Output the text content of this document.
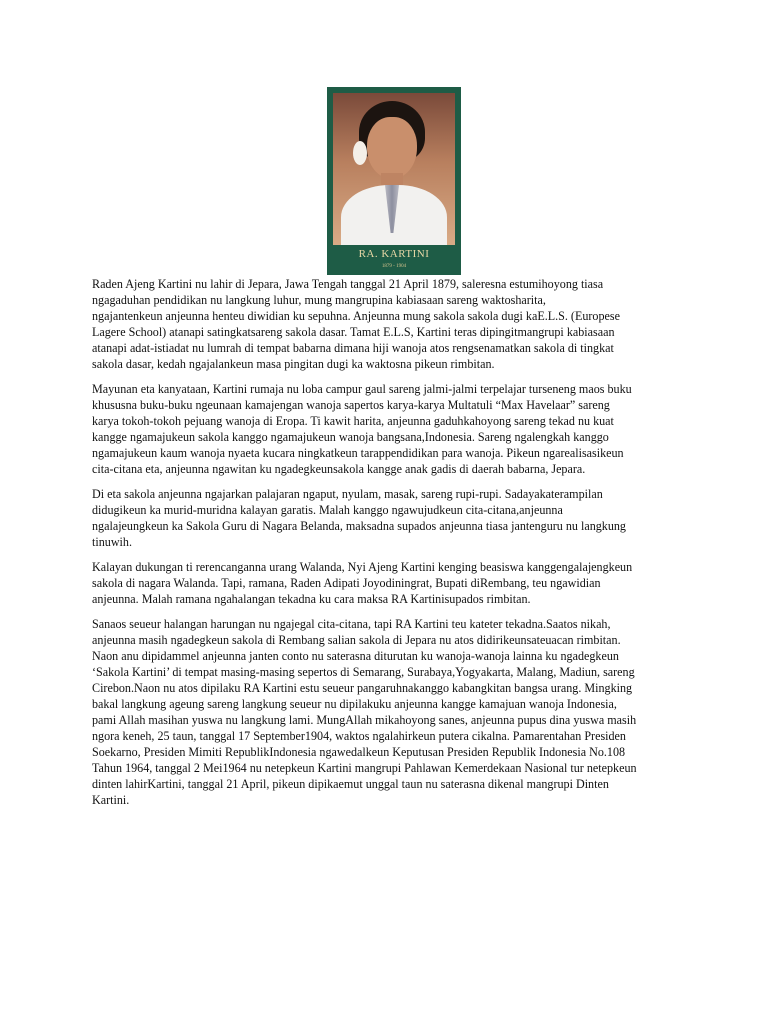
RA. KARTINI
1879 - 1904

Raden Ajeng Kartini nu lahir di Jepara, Jawa Tengah tanggal 21 April 1879, saleresna estumihoyong tiasa
ngagaduhan pendidikan nu langkung luhur, mung mangrupina kabiasaan sareng waktosharita,
ngajantenkeun anjeunna henteu diwidian ku sepuhna. Anjeunna mung sakola sakola dugi kaE.L.S. (Europese
Lagere School) atanapi satingkatsareng sakola dasar. Tamat E.L.S, Kartini teras dipingitmangrupi kabiasaan
atanapi adat-istiadat nu lumrah di tempat babarna dimana hiji wanoja atos rengsenamatkan sakola di tingkat
sakola dasar, kedah ngajalankeun masa pingitan dugi ka waktosna pikeun rimbitan.

Mayunan eta kanyataan, Kartini rumaja nu loba campur gaul sareng jalmi-jalmi terpelajar turseneng maos buku
khususna buku-buku ngeunaan kamajengan wanoja sapertos karya-karya Multatuli “Max Havelaar” sareng
karya tokoh-tokoh pejuang wanoja di Eropa. Ti kawit harita, anjeunna gaduhkahoyong sareng tekad nu kuat
kangge ngamajukeun sakola kanggo ngamajukeun wanoja bangsana,Indonesia. Sareng ngalengkah kanggo
ngamajukeun kaum wanoja nyaeta kucara ningkatkeun tarappendidikan para wanoja. Pikeun ngarealisasikeun
cita-citana eta, anjeunna ngawitan ku ngadegkeunsakola kangge anak gadis di daerah babarna, Jepara.

Di eta sakola anjeunna ngajarkan palajaran ngaput, nyulam, masak, sareng rupi-rupi. Sadayakaterampilan
didugikeun ka murid-muridna kalayan garatis. Malah kanggo ngawujudkeun cita-citana,anjeunna
ngalajeungkeun ka Sakola Guru di Nagara Belanda, maksadna supados anjeunna tiasa jantenguru nu langkung
tinuwih.

Kalayan dukungan ti rerencanganna urang Walanda, Nyi Ajeng Kartini kenging beasiswa kanggengalajengkeun
sakola di nagara Walanda. Tapi, ramana, Raden Adipati Joyodiningrat, Bupati diRembang, teu ngawidian
anjeunna. Malah ramana ngahalangan tekadna ku cara maksa RA Kartinisupados rimbitan.

Sanaos seueur halangan harungan nu ngajegal cita-citana, tapi RA Kartini teu kateter tekadna.Saatos nikah,
anjeunna masih ngadegkeun sakola di Rembang salian sakola di Jepara nu atos didirikeunsateuacan rimbitan.
Naon anu dipidammel anjeunna janten conto nu saterasna diturutan ku wanoja-wanoja lainna ku ngadegkeun
‘Sakola Kartini’ di tempat masing-masing sepertos di Semarang, Surabaya,Yogyakarta, Malang, Madiun, sareng
Cirebon.Naon nu atos dipilaku RA Kartini estu seueur pangaruhnakanggo kabangkitan bangsa urang. Mingking
bakal langkung ageung sareng langkung seueur nu dipilakuku anjeunna kangge kamajuan wanoja Indonesia,
pami Allah masihan yuswa nu langkung lami. MungAllah mikahoyong sanes, anjeunna pupus dina yuswa masih
ngora keneh, 25 taun, tanggal 17 September1904, waktos ngalahirkeun putera cikalna. Pamarentahan Presiden
Soekarno, Presiden Mimiti RepublikIndonesia ngawedalkeun Keputusan Presiden Republik Indonesia No.108
Tahun 1964, tanggal 2 Mei1964 nu netepkeun Kartini mangrupi Pahlawan Kemerdekaan Nasional tur netepkeun
dinten lahirKartini, tanggal 21 April, pikeun dipikaemut unggal taun nu saterasna dikenal mangrupi Dinten
Kartini.
